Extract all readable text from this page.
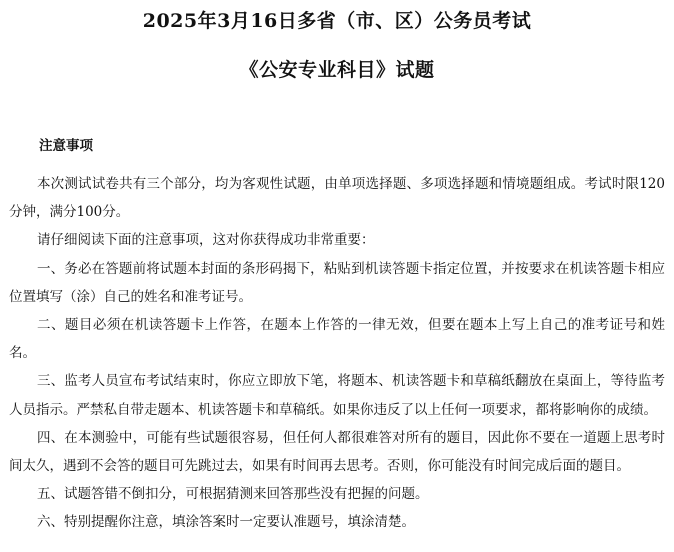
2025年3月16日多省（市、区）公务员考试
《公安专业科目》试题
注意事项

本次测试试卷共有三个部分，均为客观性试题，由单项选择题、多项选择题和情境题组成。考试时限120分钟，满分100分。

请仔细阅读下面的注意事项，这对你获得成功非常重要：

一、务必在答题前将试题本封面的条形码揭下，粘贴到机读答题卡指定位置，并按要求在机读答题卡相应位置填写（涂）自己的姓名和准考证号。

二、题目必须在机读答题卡上作答，在题本上作答的一律无效，但要在题本上写上自己的准考证号和姓名。

三、监考人员宣布考试结束时，你应立即放下笔，将题本、机读答题卡和草稿纸翻放在桌面上，等待监考人员指示。严禁私自带走题本、机读答题卡和草稿纸。如果你违反了以上任何一项要求，都将影响你的成绩。

四、在本测验中，可能有些试题很容易，但任何人都很难答对所有的题目，因此你不要在一道题上思考时间太久，遇到不会答的题目可先跳过去，如果有时间再去思考。否则，你可能没有时间完成后面的题目。

五、试题答错不倒扣分，可根据猜测来回答那些没有把握的问题。

六、特别提醒你注意，填涂答案时一定要认准题号，填涂清楚。
